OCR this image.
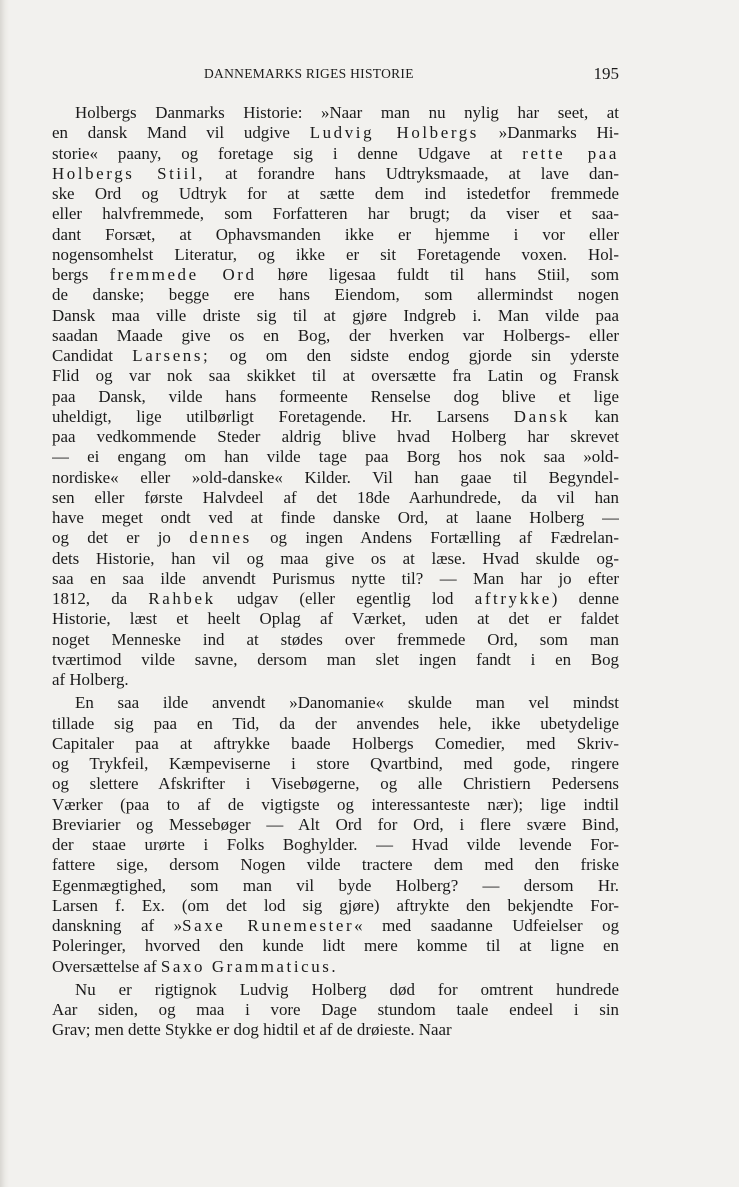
DANNEMARKS RIGES HISTORIE	195
Holbergs Danmarks Historie: »Naar man nu nylig har seet, at
en dansk Mand vil udgive Ludvig Holbergs »Danmarks Hi-
storie« paany, og foretage sig i denne Udgave at rette paa
Holbergs Stiil, at forandre hans Udtryksmaade, at lave dan-
ske Ord og Udtryk for at sætte dem ind istedetfor fremmede
eller halvfremmede, som Forfatteren har brugt; da viser et saa-
dant Forsæt, at Ophavsmanden ikke er hjemme i vor eller
nogensomhelst Literatur, og ikke er sit Foretagende voxen. Hol-
bergs fremmede Ord høre ligesaa fuldt til hans Stiil, som
de danske; begge ere hans Eiendom, som allermindst nogen
Dansk maa ville driste sig til at gjøre Indgreb i. Man vilde paa
saadan Maade give os en Bog, der hverken var Holbergs- eller
Candidat Larsens; og om den sidste endog gjorde sin yderste
Flid og var nok saa skikket til at oversætte fra Latin og Fransk
paa Dansk, vilde hans formeente Renselse dog blive et lige
uheldigt, lige utilbørligt Foretagende. Hr. Larsens Dansk kan
paa vedkommende Steder aldrig blive hvad Holberg har skrevet
— ei engang om han vilde tage paa Borg hos nok saa »old-
nordiske« eller »old-danske« Kilder. Vil han gaae til Begyndel-
sen eller første Halvdeel af det 18de Aarhundrede, da vil han
have meget ondt ved at finde danske Ord, at laane Holberg —
og det er jo dennes og ingen Andens Fortælling af Fædrelan-
dets Historie, han vil og maa give os at læse. Hvad skulde og-
saa en saa ilde anvendt Purismus nytte til? — Man har jo efter
1812, da Rahbek udgav (eller egentlig lod aftrykke) denne
Historie, læst et heelt Oplag af Værket, uden at det er faldet
noget Menneske ind at stødes over fremmede Ord, som man
tværtimod vilde savne, dersom man slet ingen fandt i en Bog
af Holberg.
En saa ilde anvendt »Danomanie« skulde man vel mindst
tillade sig paa en Tid, da der anvendes hele, ikke ubetydelige
Capitaler paa at aftrykke baade Holbergs Comedier, med Skriv-
og Trykfeil, Kæmpeviserne i store Qvartbind, med gode, ringere
og slettere Afskrifter i Visebøgerne, og alle Christiern Pedersens
Værker (paa to af de vigtigste og interessanteste nær); lige indtil
Breviarier og Messebøger — Alt Ord for Ord, i flere svære Bind,
der staae urørte i Folks Boghylder. — Hvad vilde levende For-
fattere sige, dersom Nogen vilde tractere dem med den friske
Egenmægtighed, som man vil byde Holberg? — dersom Hr.
Larsen f. Ex. (om det lod sig gjøre) aftrykte den bekjendte For-
danskning af »Saxe Runemester« med saadanne Udfeielser og
Poleringer, hvorved den kunde lidt mere komme til at ligne en
Oversættelse af Saxo Grammaticus.
Nu er rigtignok Ludvig Holberg død for omtrent hundrede
Aar siden, og maa i vore Dage stundom taale endeel i sin
Grav; men dette Stykke er dog hidtil et af de drøieste. Naar
